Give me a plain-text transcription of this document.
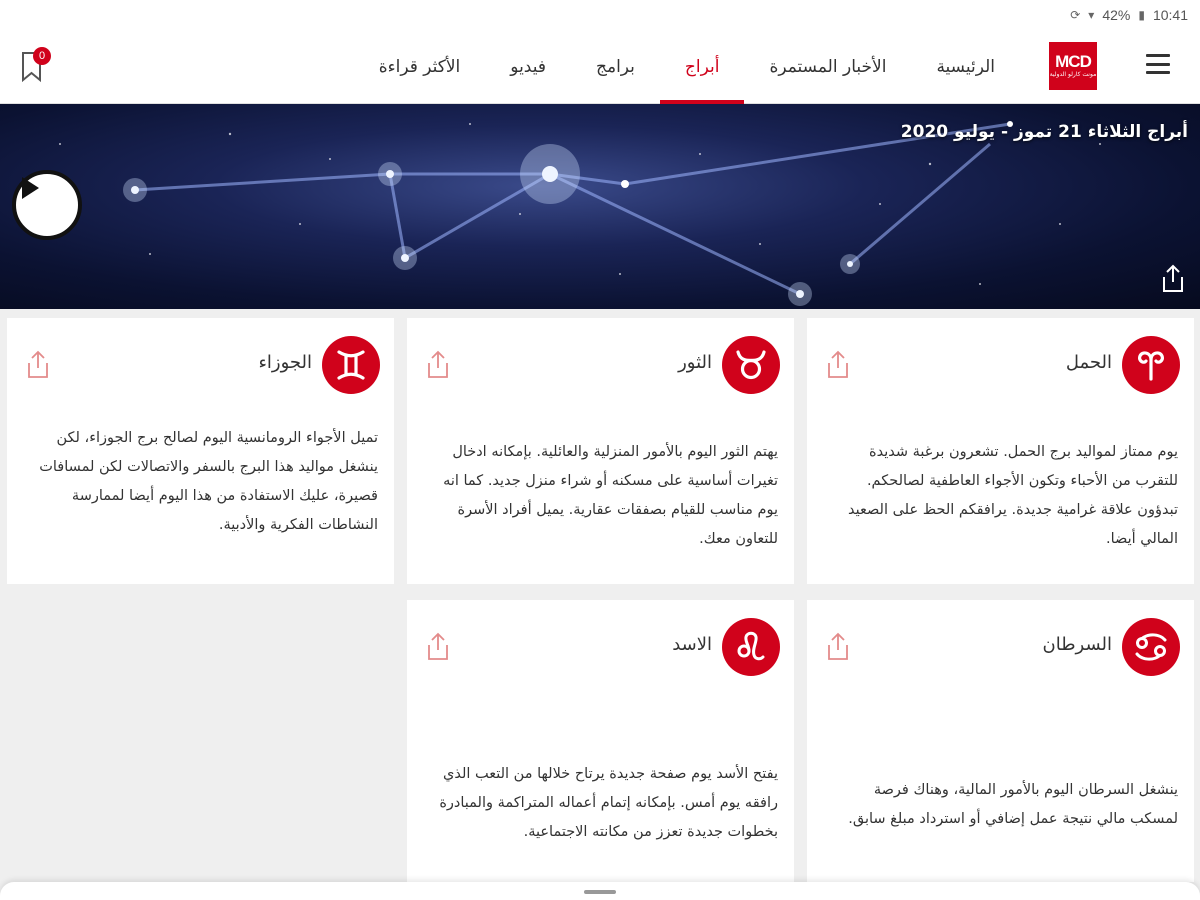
⟳ ▾ 42% ▮ 10:41
MCD
مونت كارلو الدولية
الرئيسية
الأخبار المستمرة
أبراج
برامج
فيديو
الأكثر قراءة
0
أبراج الثلاثاء 21 تموز - يوليو 2020
الحمل
يوم ممتاز لمواليد برج الحمل. تشعرون برغبة شديدة للتقرب من الأحباء وتكون الأجواء العاطفية لصالحكم. تبدؤون علاقة غرامية جديدة. يرافقكم الحظ على الصعيد المالي أيضا.
الثور
يهتم الثور اليوم بالأمور المنزلية والعائلية. بإمكانه ادخال تغيرات أساسية على مسكنه أو شراء منزل جديد. كما انه يوم مناسب للقيام بصفقات عقارية. يميل أفراد الأسرة للتعاون معك.
الجوزاء
تميل الأجواء الرومانسية اليوم لصالح برج الجوزاء، لكن ينشغل مواليد هذا البرج بالسفر والاتصالات لكن لمسافات قصيرة، عليك الاستفادة من هذا اليوم أيضا لممارسة النشاطات الفكرية والأدبية.
السرطان
ينشغل السرطان اليوم بالأمور المالية، وهناك فرصة لمسكب مالي نتيجة عمل إضافي أو استرداد مبلغ سابق.
الاسد
يفتح الأسد يوم صفحة جديدة يرتاح خلالها من التعب الذي رافقه يوم أمس. بإمكانه إتمام أعماله المتراكمة والمبادرة بخطوات جديدة تعزز من مكانته الاجتماعية.
